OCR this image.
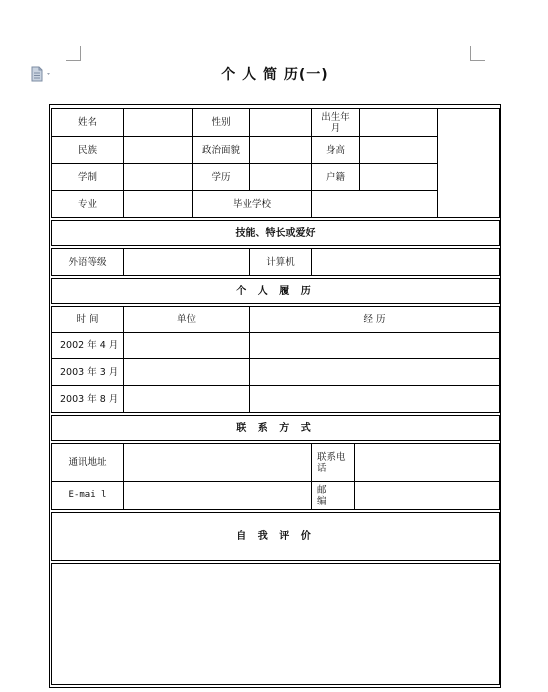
个 人 简 历(一)
姓名	性别	出生年
月
民族	政治面貌	身高
学制	学历	户籍
专业	毕业学校
技能、特长或爱好
外语等级	计算机
个 人 履 历
时 间	单位	经 历
2002 年 4 月
2003 年 3 月
2003 年 8 月
联 系 方 式
通讯地址	联系电
话
E-mai l	邮
编
自 我 评 价
